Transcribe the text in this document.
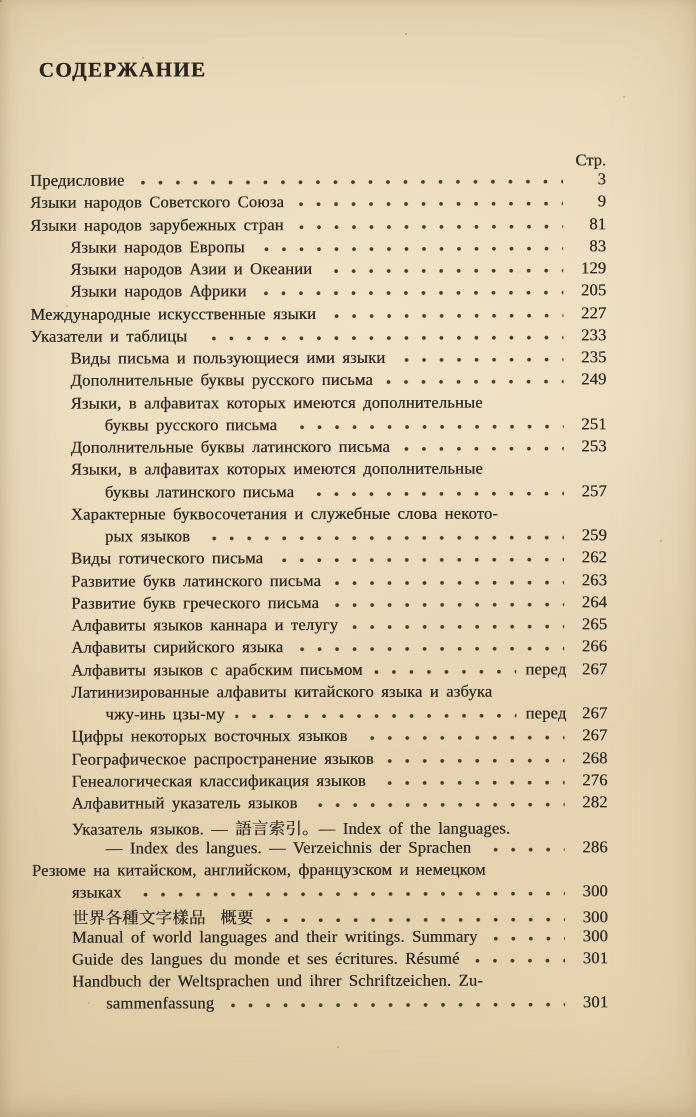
СОДЕРЖАНИЕ
Стр.
Предисловие	3
Языки народов Советского Союза	9
Языки народов зарубежных стран	81
Языки народов Европы	83
Языки народов Азии и Океании	129
Языки народов Африки	205
Международные искусственные языки	227
Указатели и таблицы	233
Виды письма и пользующиеся ими языки	235
Дополнительные буквы русского письма	249
Языки, в алфавитах которых имеются дополнительные
буквы русского письма	251
Дополнительные буквы латинского письма	253
Языки, в алфавитах которых имеются дополнительные
буквы латинского письма	257
Характерные буквосочетания и служебные слова некото-
рых языков	259
Виды готического письма	262
Развитие букв латинского письма	263
Развитие букв греческого письма	264
Алфавиты языков каннара и телугу	265
Алфавиты сирийского языка	266
Алфавиты языков с арабским письмом	перед 267
Латинизированные алфавиты китайского языка и азбука
чжу-инь цзы-му	перед 267
Цифры некоторых восточных языков	267
Географическое распространение языков	268
Генеалогическая классификация языков	276
Алфавитный указатель языков	282
Указатель языков. — 語言索引。— Index of the languages.
— Index des langues. — Verzeichnis der Sprachen	286
Резюме на китайском, английском, французском и немецком
языках	300
世界各種文字樣品  概要	300
Manual of world languages and their writings. Summary	300
Guide des langues du monde et ses écritures. Résumé	301
Handbuch der Weltsprachen und ihrer Schriftzeichen. Zu-
sammenfassung	301
